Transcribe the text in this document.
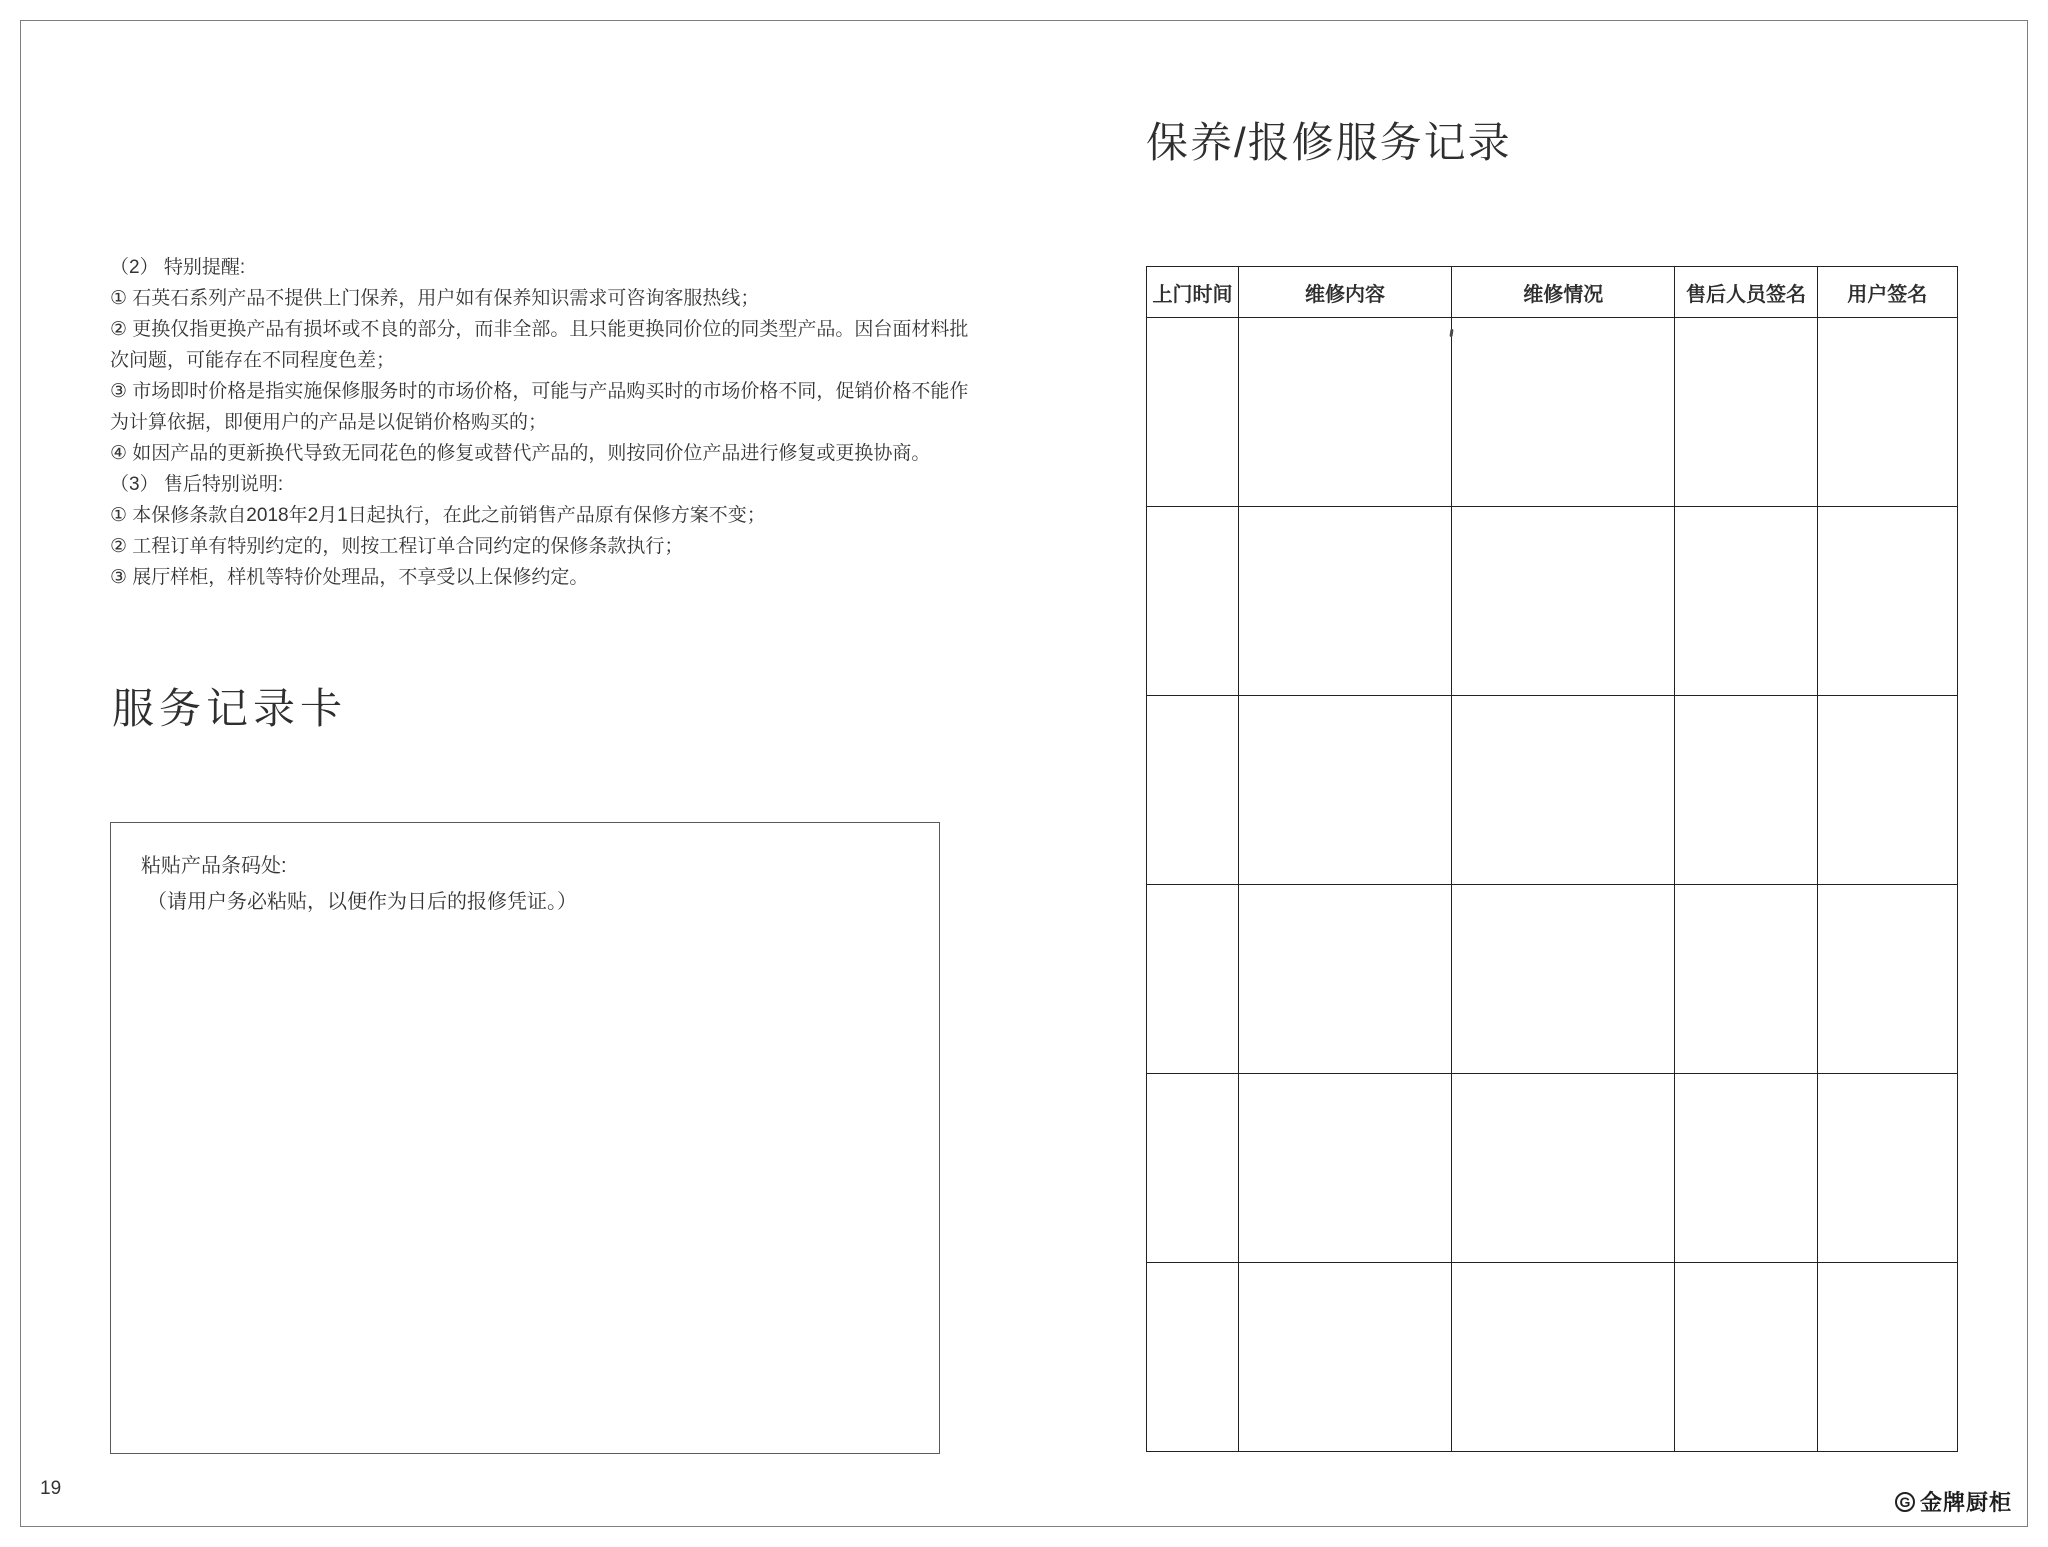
（2） 特别提醒:
① 石英石系列产品不提供上门保养，用户如有保养知识需求可咨询客服热线；
② 更换仅指更换产品有损坏或不良的部分，而非全部。且只能更换同价位的同类型产品。因台面材料批
次问题，可能存在不同程度色差；
③ 市场即时价格是指实施保修服务时的市场价格，可能与产品购买时的市场价格不同，促销价格不能作
为计算依据，即便用户的产品是以促销价格购买的；
④ 如因产品的更新换代导致无同花色的修复或替代产品的，则按同价位产品进行修复或更换协商。
（3） 售后特别说明:
① 本保修条款自2018年2月1日起执行，在此之前销售产品原有保修方案不变；
② 工程订单有特别约定的，则按工程订单合同约定的保修条款执行；
③ 展厅样柜，样机等特价处理品，不享受以上保修约定。
服务记录卡
粘贴产品条码处:
（请用户务必粘贴，以便作为日后的报修凭证。）
保养/报修服务记录
上门时间	维修内容	维修情况	售后人员签名	用户签名

19
G 金牌厨柜
